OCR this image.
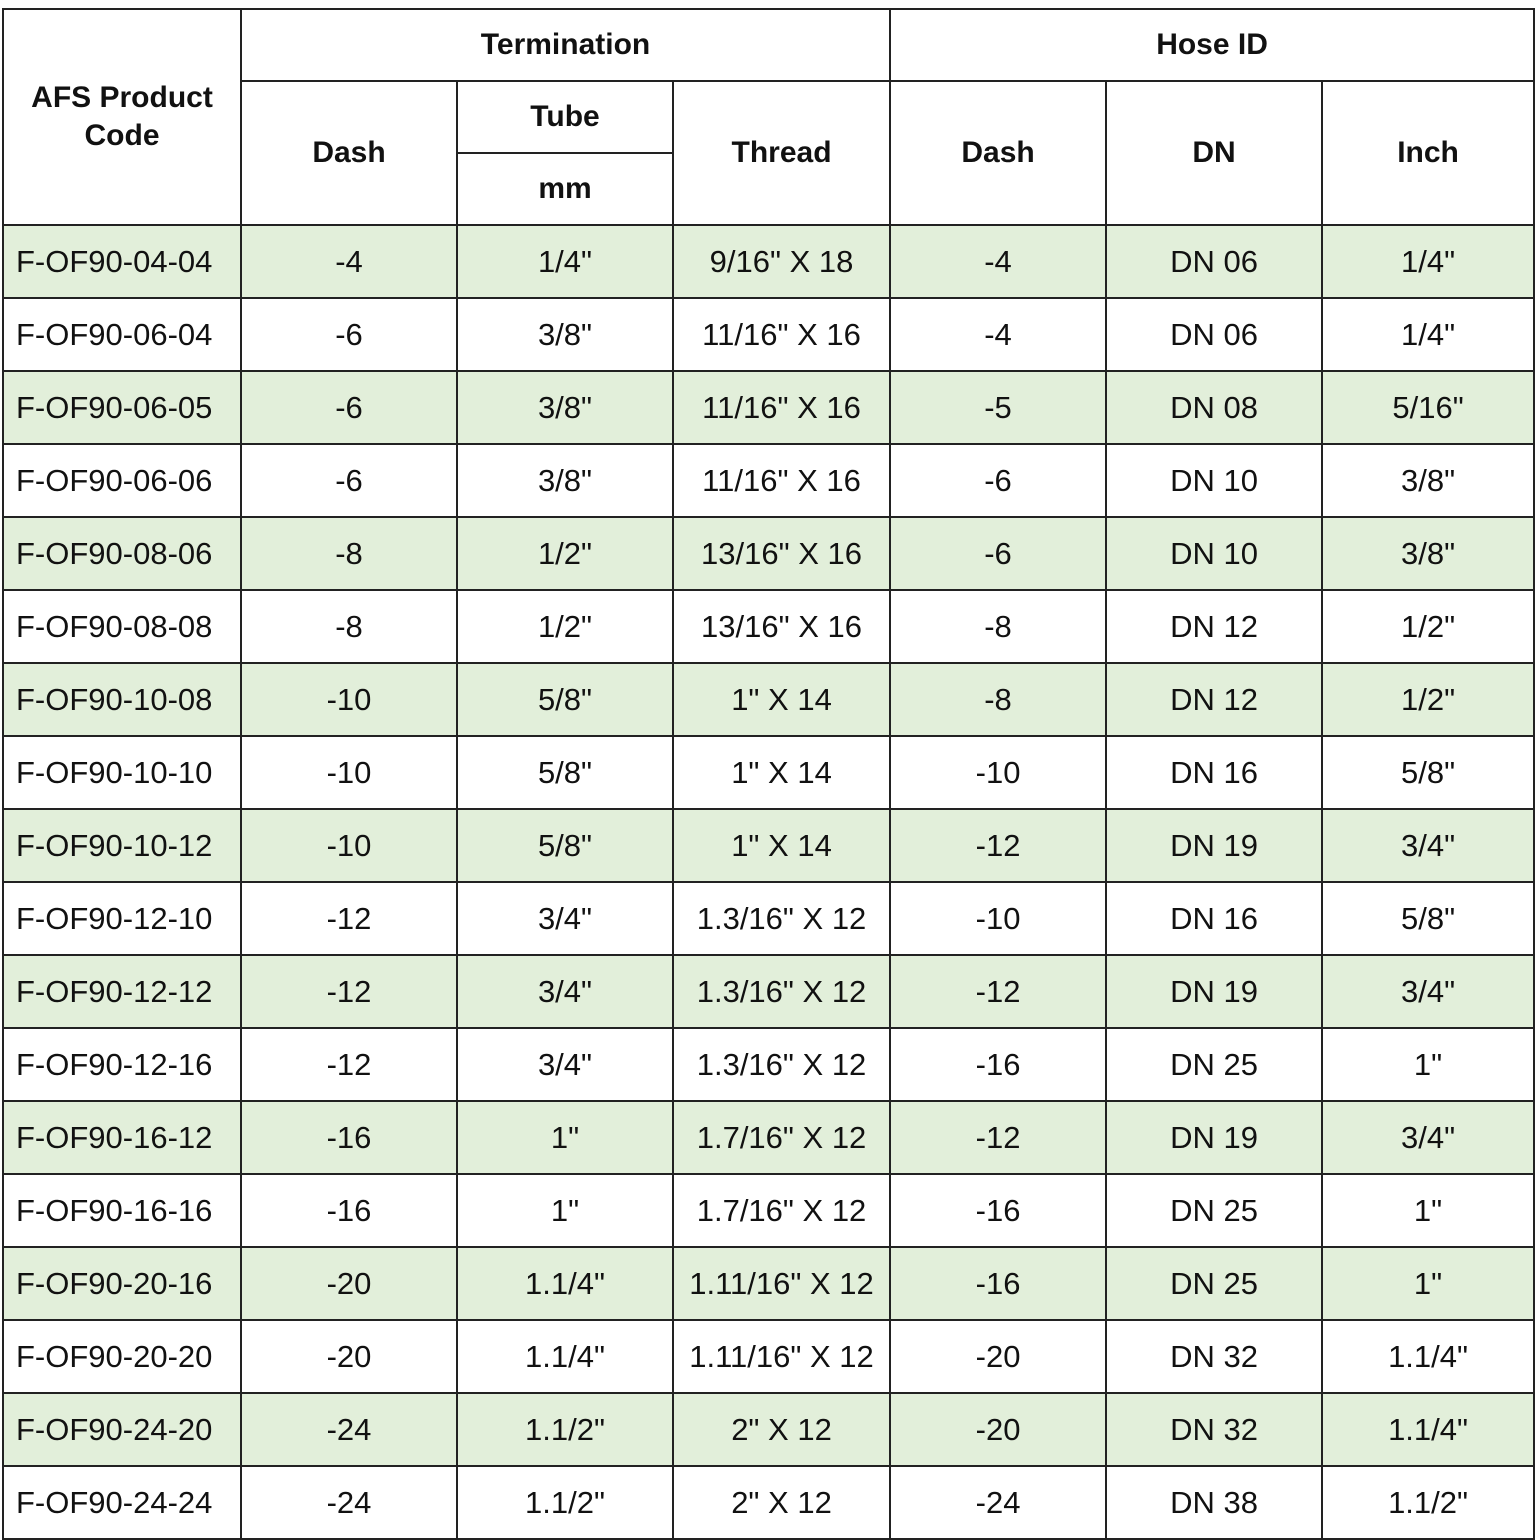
AFS Product Code	Termination			Hose ID		
	Dash	Tube	Thread	Dash	DN	Inch
		mm				
F-OF90-04-04	-4	1/4"	9/16" X 18	-4	DN 06	1/4"
F-OF90-06-04	-6	3/8"	11/16" X 16	-4	DN 06	1/4"
F-OF90-06-05	-6	3/8"	11/16" X 16	-5	DN 08	5/16"
F-OF90-06-06	-6	3/8"	11/16" X 16	-6	DN 10	3/8"
F-OF90-08-06	-8	1/2"	13/16" X 16	-6	DN 10	3/8"
F-OF90-08-08	-8	1/2"	13/16" X 16	-8	DN 12	1/2"
F-OF90-10-08	-10	5/8"	1" X 14	-8	DN 12	1/2"
F-OF90-10-10	-10	5/8"	1" X 14	-10	DN 16	5/8"
F-OF90-10-12	-10	5/8"	1" X 14	-12	DN 19	3/4"
F-OF90-12-10	-12	3/4"	1.3/16" X 12	-10	DN 16	5/8"
F-OF90-12-12	-12	3/4"	1.3/16" X 12	-12	DN 19	3/4"
F-OF90-12-16	-12	3/4"	1.3/16" X 12	-16	DN 25	1"
F-OF90-16-12	-16	1"	1.7/16" X 12	-12	DN 19	3/4"
F-OF90-16-16	-16	1"	1.7/16" X 12	-16	DN 25	1"
F-OF90-20-16	-20	1.1/4"	1.11/16" X 12	-16	DN 25	1"
F-OF90-20-20	-20	1.1/4"	1.11/16" X 12	-20	DN 32	1.1/4"
F-OF90-24-20	-24	1.1/2"	2" X 12	-20	DN 32	1.1/4"
F-OF90-24-24	-24	1.1/2"	2" X 12	-24	DN 38	1.1/2"
